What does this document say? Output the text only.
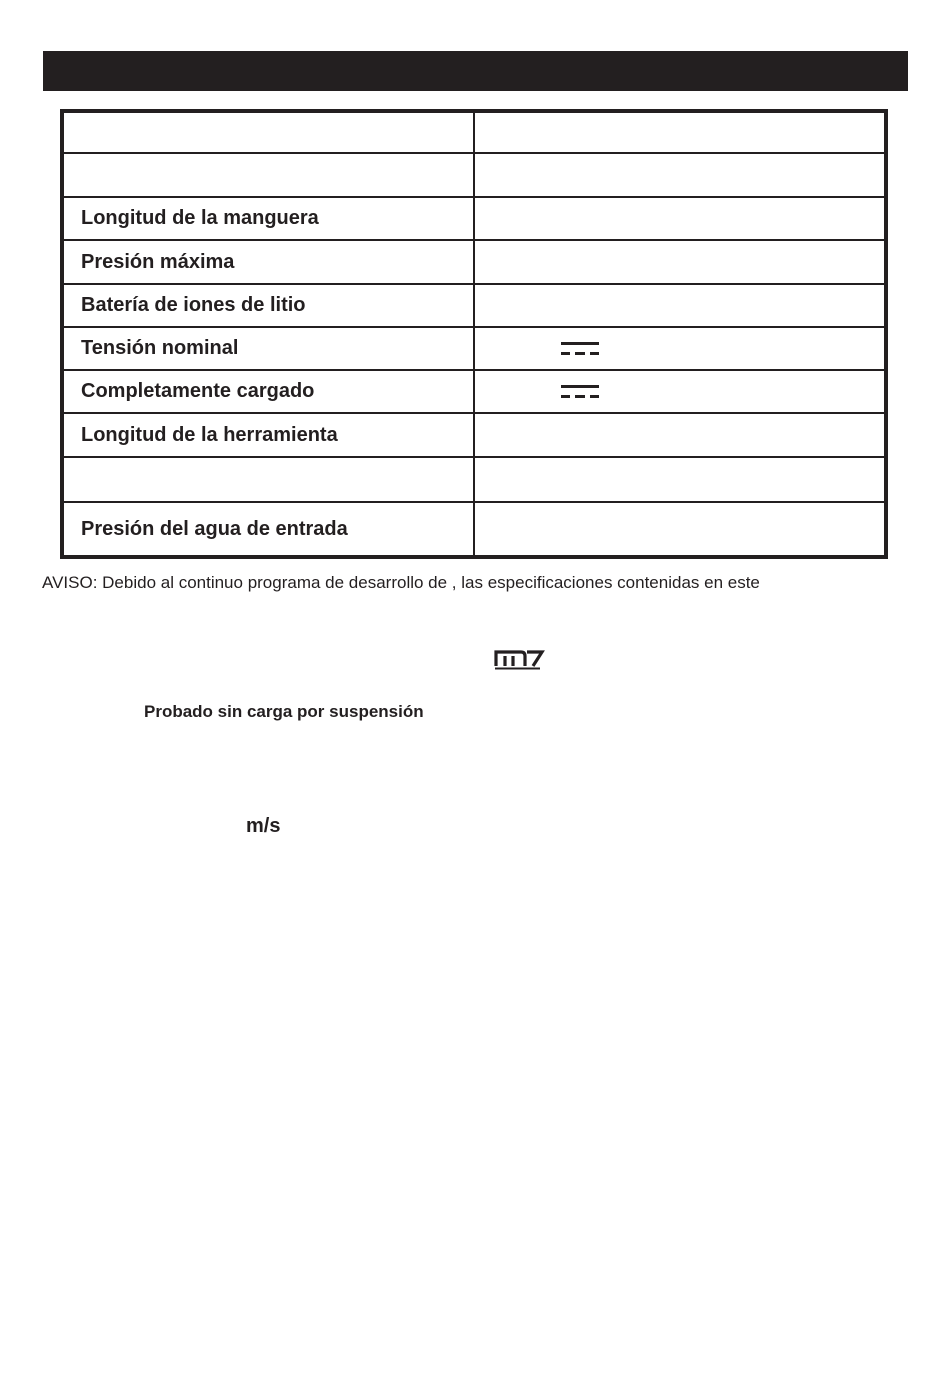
Longitud de la manguera	
Presión máxima	
Batería de iones de litio	
Tensión nominal	

Completamente cargado	

Longitud de la herramienta	

Presión del agua de entrada	
AVISO: Debido al continuo programa de desarrollo de , las especificaciones contenidas en este
Probado sin carga por suspensión
m/s
